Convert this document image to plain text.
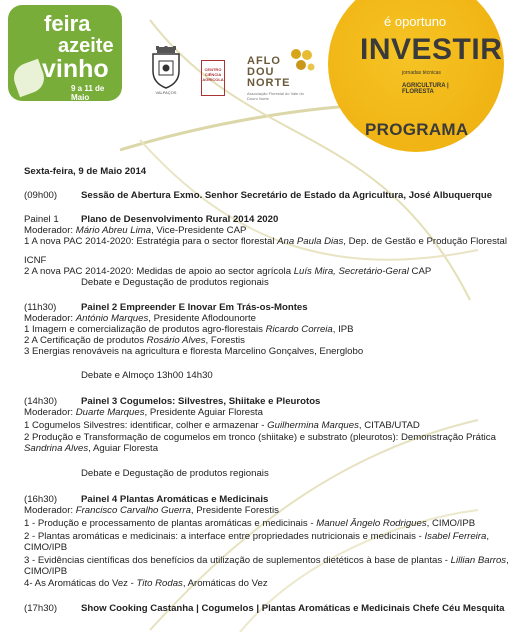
feira
azeite
vinho
9 a 11 de Maio
VALPAÇOS
CENTRO CIÊNCIA AGRÍCOLA
AFLO
DOU
NORTE
Associação Florestal do Vale do Douro Norte
é oportuno
INVESTIR
jornadas técnicas
AGRICULTURA | FLORESTA
PROGRAMA
Sexta-feira, 9 de Maio 2014
(09h00) Sessão de Abertura Exmo. Senhor Secretário de Estado da Agricultura, José Albuquerque
Painel 1 Plano de Desenvolvimento Rural 2014 2020
Moderador: Mário Abreu Lima, Vice-Presidente CAP
1 A nova PAC 2014-2020: Estratégia para o sector florestal Ana Paula Dias, Dep. de Gestão e Produção Florestal
ICNF
2 A nova PAC 2014-2020: Medidas de apoio ao sector agrícola Luís Mira, Secretário-Geral CAP
Debate e Degustação de produtos regionais
(11h30)	Painel 2 Empreender E Inovar Em Trás-os-Montes
Moderador: António Marques, Presidente Aflodounorte
1 Imagem e comercialização de produtos agro-florestais Ricardo Correia, IPB
2 A Certificação de produtos Rosário Alves, Forestis
3 Energias renováveis na agricultura e floresta Marcelino Gonçalves, Energlobo
Debate e Almoço 13h00 14h30
(14h30) Painel 3 Cogumelos: Silvestres, Shiitake e Pleurotos
Moderador: Duarte Marques, Presidente Aguiar Floresta
1 Cogumelos Silvestres: identificar, colher e armazenar - Guilhermina Marques, CITAB/UTAD
2 Produção e Transformação de cogumelos em tronco (shiitake) e substrato (pleurotos): Demonstração Prática
Sandrina Alves, Aguiar Floresta
Debate e Degustação de produtos regionais
(16h30) Painel 4 Plantas Aromáticas e Medicinais
Moderador: Francisco Carvalho Guerra, Presidente Forestis
1 - Produção e processamento de plantas aromáticas e medicinais - Manuel Ângelo Rodrigues, CIMO/IPB
2 - Plantas aromáticas e medicinais: a interface entre propriedades nutricionais e medicinais - Isabel Ferreira,
CIMO/IPB
3 - Evidências científicas dos benefícios da utilização de suplementos dietéticos à base de plantas - Lillian Barros,
CIMO/IPB
4- As Aromáticas do Vez - Tito Rodas, Aromáticas do Vez
(17h30) Show Cooking Castanha | Cogumelos | Plantas Aromáticas e Medicinais Chefe Céu Mesquita
